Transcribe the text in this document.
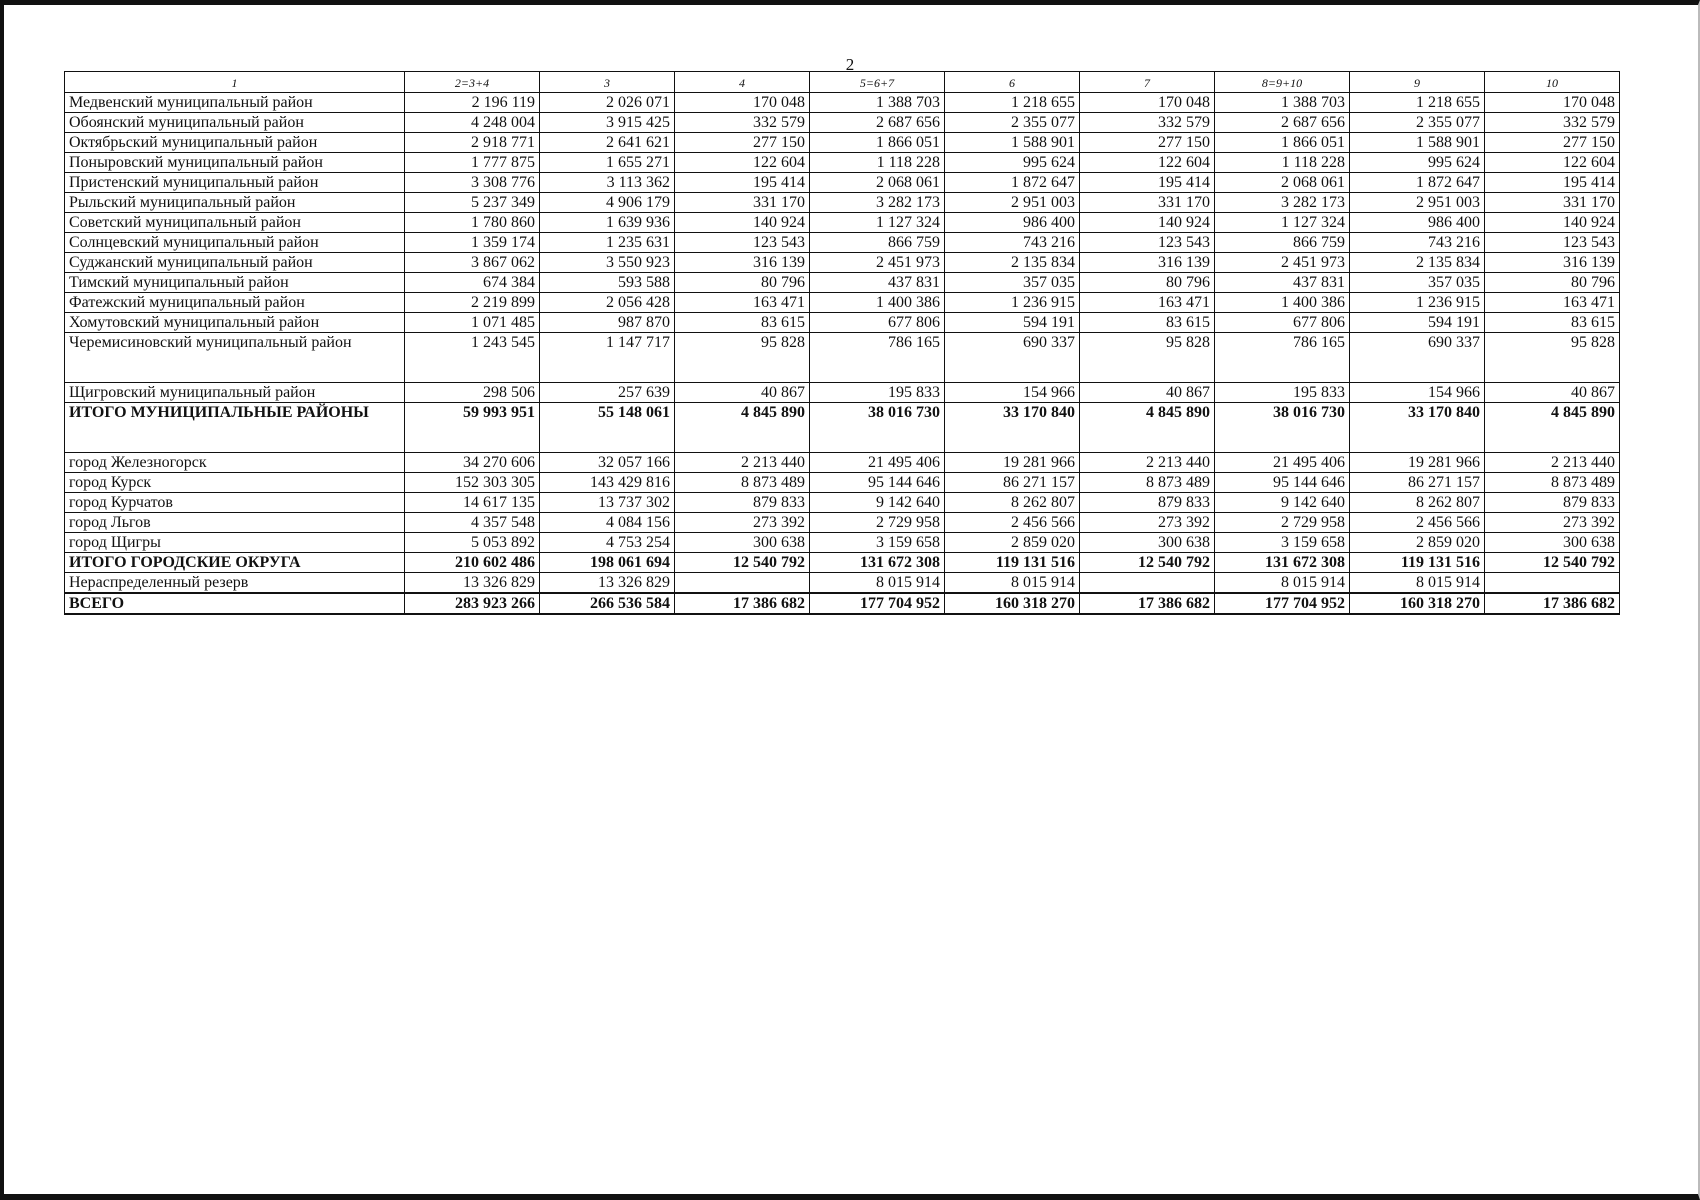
2
1	2=3+4	3	4	5=6+7	6	7	8=9+10	9	10
Медвенский муниципальный район	2 196 119	2 026 071	170 048	1 388 703	1 218 655	170 048	1 388 703	1 218 655	170 048
Обоянский муниципальный район	4 248 004	3 915 425	332 579	2 687 656	2 355 077	332 579	2 687 656	2 355 077	332 579
Октябрьский муниципальный район	2 918 771	2 641 621	277 150	1 866 051	1 588 901	277 150	1 866 051	1 588 901	277 150
Поныровский муниципальный район	1 777 875	1 655 271	122 604	1 118 228	995 624	122 604	1 118 228	995 624	122 604
Пристенский муниципальный район	3 308 776	3 113 362	195 414	2 068 061	1 872 647	195 414	2 068 061	1 872 647	195 414
Рыльский муниципальный район	5 237 349	4 906 179	331 170	3 282 173	2 951 003	331 170	3 282 173	2 951 003	331 170
Советский муниципальный район	1 780 860	1 639 936	140 924	1 127 324	986 400	140 924	1 127 324	986 400	140 924
Солнцевский муниципальный район	1 359 174	1 235 631	123 543	866 759	743 216	123 543	866 759	743 216	123 543
Суджанский муниципальный район	3 867 062	3 550 923	316 139	2 451 973	2 135 834	316 139	2 451 973	2 135 834	316 139
Тимский муниципальный район	674 384	593 588	80 796	437 831	357 035	80 796	437 831	357 035	80 796
Фатежский муниципальный район	2 219 899	2 056 428	163 471	1 400 386	1 236 915	163 471	1 400 386	1 236 915	163 471
Хомутовский муниципальный район	1 071 485	987 870	83 615	677 806	594 191	83 615	677 806	594 191	83 615
Черемисиновский муниципальный район	1 243 545	1 147 717	95 828	786 165	690 337	95 828	786 165	690 337	95 828
Щигровский муниципальный район	298 506	257 639	40 867	195 833	154 966	40 867	195 833	154 966	40 867
ИТОГО МУНИЦИПАЛЬНЫЕ РАЙОНЫ	59 993 951	55 148 061	4 845 890	38 016 730	33 170 840	4 845 890	38 016 730	33 170 840	4 845 890
город Железногорск	34 270 606	32 057 166	2 213 440	21 495 406	19 281 966	2 213 440	21 495 406	19 281 966	2 213 440
город Курск	152 303 305	143 429 816	8 873 489	95 144 646	86 271 157	8 873 489	95 144 646	86 271 157	8 873 489
город Курчатов	14 617 135	13 737 302	879 833	9 142 640	8 262 807	879 833	9 142 640	8 262 807	879 833
город Льгов	4 357 548	4 084 156	273 392	2 729 958	2 456 566	273 392	2 729 958	2 456 566	273 392
город Щигры	5 053 892	4 753 254	300 638	3 159 658	2 859 020	300 638	3 159 658	2 859 020	300 638
ИТОГО ГОРОДСКИЕ ОКРУГА	210 602 486	198 061 694	12 540 792	131 672 308	119 131 516	12 540 792	131 672 308	119 131 516	12 540 792
Нераспределенный резерв	13 326 829	13 326 829		8 015 914	8 015 914		8 015 914	8 015 914	
ВСЕГО	283 923 266	266 536 584	17 386 682	177 704 952	160 318 270	17 386 682	177 704 952	160 318 270	17 386 682
